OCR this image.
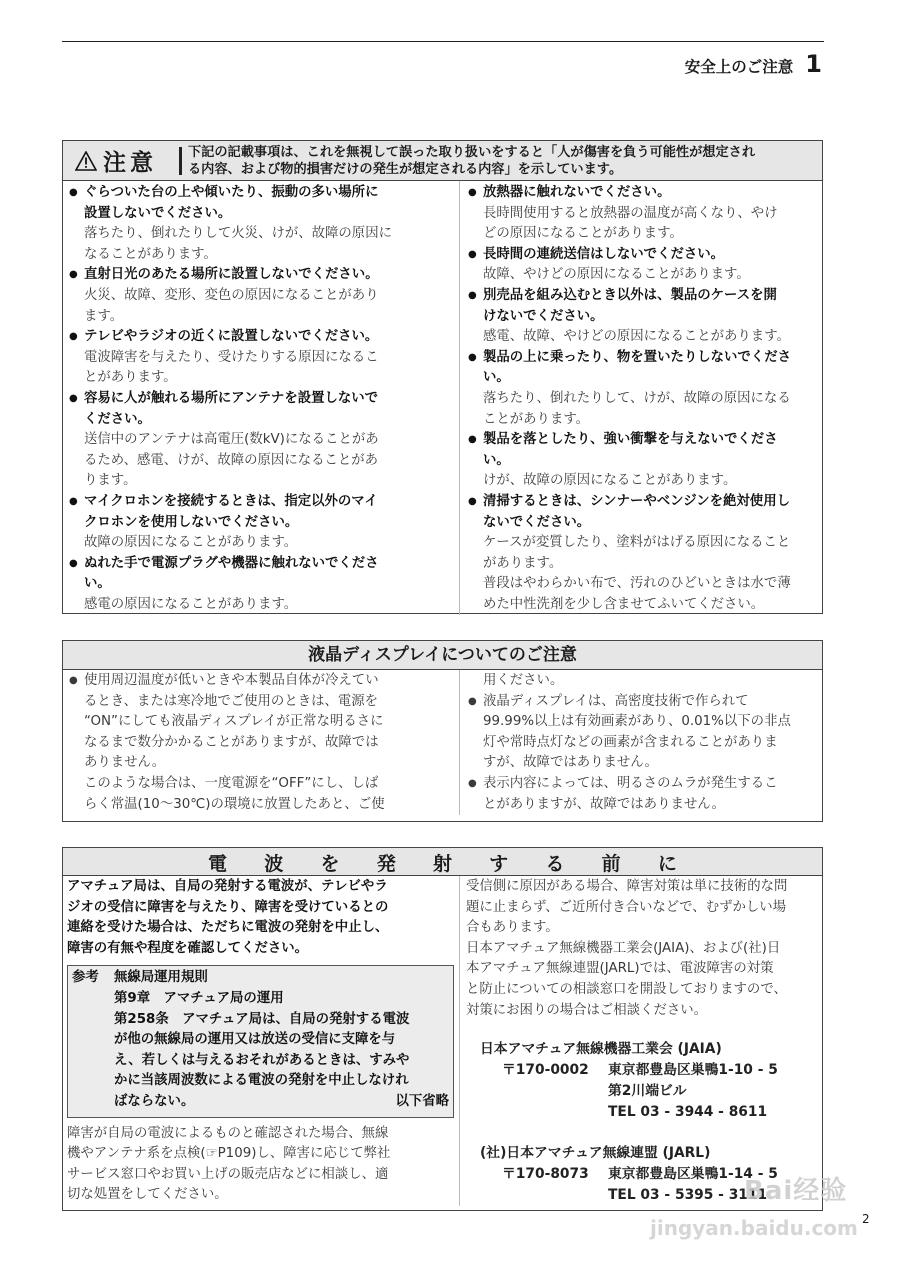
安全上のご注意 1
注意 下記の記載事項は、これを無視して誤った取り扱いをすると「人が傷害を負う可能性が想定され
る内容、および物的損害だけの発生が想定される内容」を示しています。
● ぐらついた台の上や傾いたり、振動の多い場所に
設置しないでください。
落ちたり、倒れたりして火災、けが、故障の原因に
なることがあります。
● 直射日光のあたる場所に設置しないでください。
火災、故障、変形、変色の原因になることがあり
ます。
● テレビやラジオの近くに設置しないでください。
電波障害を与えたり、受けたりする原因になるこ
とがあります。
● 容易に人が触れる場所にアンテナを設置しないで
ください。
送信中のアンテナは高電圧(数kV)になることがあ
るため、感電、けが、故障の原因になることがあ
ります。
● マイクロホンを接続するときは、指定以外のマイ
クロホンを使用しないでください。
故障の原因になることがあります。
● ぬれた手で電源プラグや機器に触れないでくださ
い。
感電の原因になることがあります。
● 放熱器に触れないでください。
長時間使用すると放熱器の温度が高くなり、やけ
どの原因になることがあります。
● 長時間の連続送信はしないでください。
故障、やけどの原因になることがあります。
● 別売品を組み込むとき以外は、製品のケースを開
けないでください。
感電、故障、やけどの原因になることがあります。
● 製品の上に乗ったり、物を置いたりしないでくださ
い。
落ちたり、倒れたりして、けが、故障の原因になる
ことがあります。
● 製品を落としたり、強い衝撃を与えないでくださ
い。
けが、故障の原因になることがあります。
● 清掃するときは、シンナーやベンジンを絶対使用し
ないでください。
ケースが変質したり、塗料がはげる原因になること
があります。
普段はやわらかい布で、汚れのひどいときは水で薄
めた中性洗剤を少し含ませてふいてください。
液晶ディスプレイについてのご注意
● 使用周辺温度が低いときや本製品自体が冷えてい
るとき、または寒冷地でご使用のときは、電源を
“ON”にしても液晶ディスプレイが正常な明るさに
なるまで数分かかることがありますが、故障では
ありません。
このような場合は、一度電源を“OFF”にし、しば
らく常温(10〜30℃)の環境に放置したあと、ご使
用ください。
● 液晶ディスプレイは、高密度技術で作られて
99.99%以上は有効画素があり、0.01%以下の非点
灯や常時点灯などの画素が含まれることがありま
すが、故障ではありません。
● 表示内容によっては、明るさのムラが発生するこ
とがありますが、故障ではありません。
電 波 を 発 射 す る 前 に
アマチュア局は、自局の発射する電波が、テレビやラ
ジオの受信に障害を与えたり、障害を受けているとの
連絡を受けた場合は、ただちに電波の発射を中止し、
障害の有無や程度を確認してください。
参考	無線局運用規則
第9章　アマチュア局の運用
第258条　アマチュア局は、自局の発射する電波
が他の無線局の運用又は放送の受信に支障を与
え、若しくは与えるおそれがあるときは、すみや
かに当該周波数による電波の発射を中止しなけれ
ばならない。	以下省略
障害が自局の電波によるものと確認された場合、無線
機やアンテナ系を点検(☞P109)し、障害に応じて弊社
サービス窓口やお買い上げの販売店などに相談し、適
切な処置をしてください。
受信側に原因がある場合、障害対策は単に技術的な問
題に止まらず、ご近所付き合いなどで、むずかしい場
合もあります。
日本アマチュア無線機器工業会(JAIA)、および(社)日
本アマチュア無線連盟(JARL)では、電波障害の対策
と防止についての相談窓口を開設しておりますので、
対策にお困りの場合はご相談ください。
日本アマチュア無線機器工業会 (JAIA)
〒170-0002	東京都豊島区巣鴨1-10 - 5
第2川端ビル
TEL 03 - 3944 - 8611
(社)日本アマチュア無線連盟 (JARL)
〒170-8073	東京都豊島区巣鴨1-14 - 5
TEL 03 - 5395 - 3111
2
Bai经验
jingyan.baidu.com
